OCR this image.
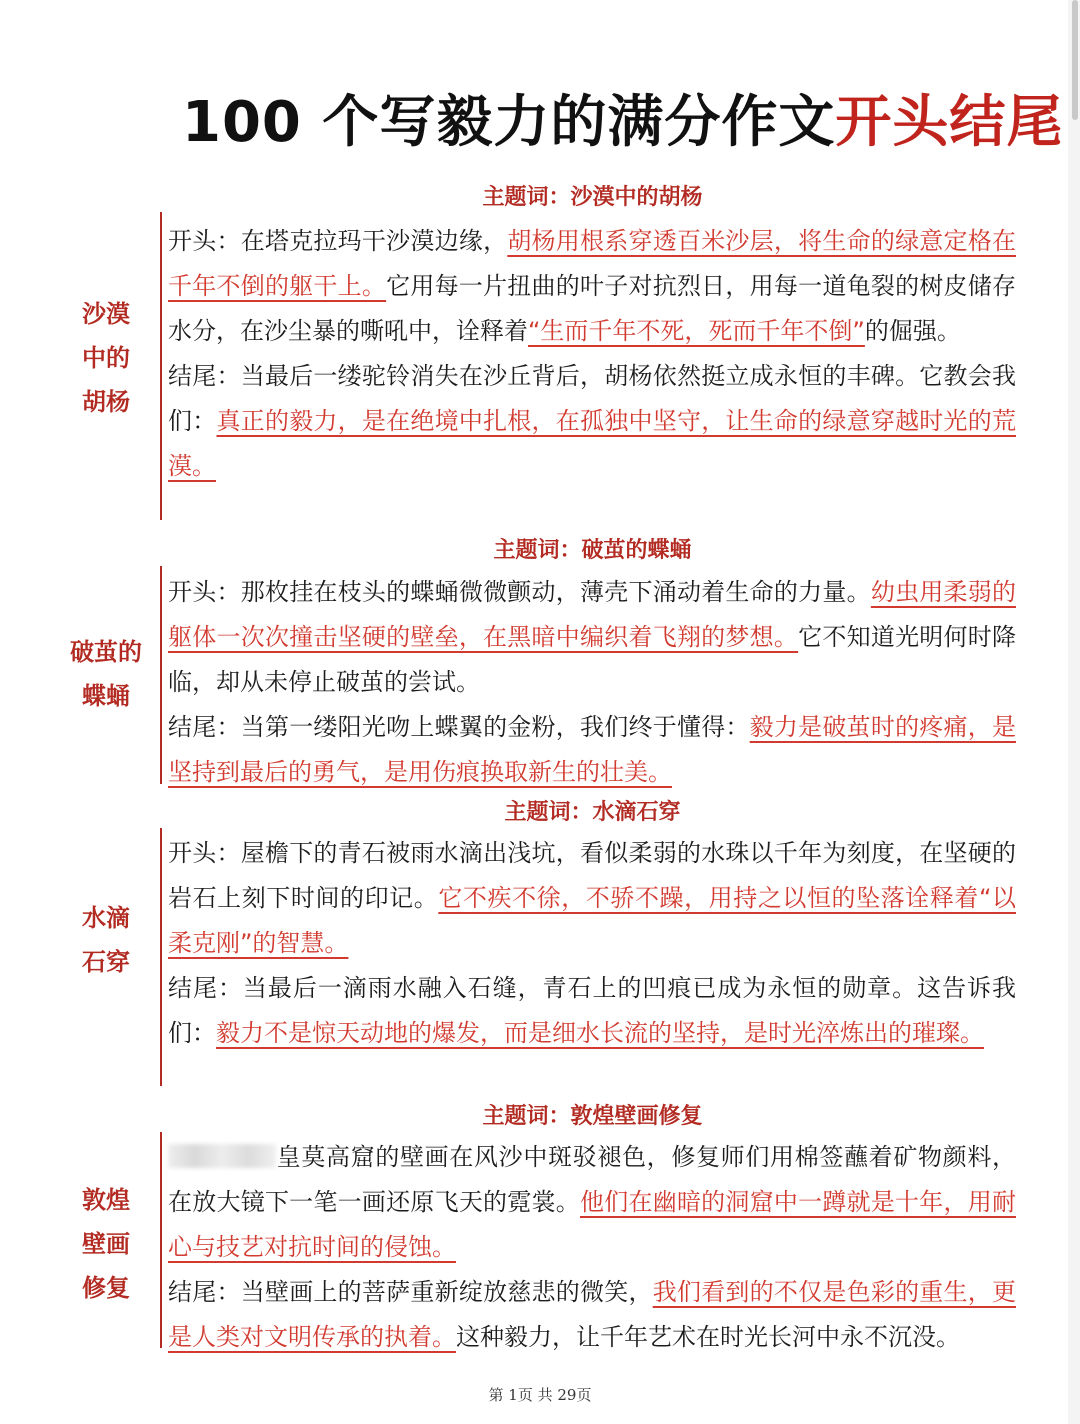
100 个写毅力的满分作文开头结尾
主题词：沙漠中的胡杨
沙漠
中的
胡杨

开头：在塔克拉玛干沙漠边缘，胡杨用根系穿透百米沙层，将生命的绿意定格在千年不倒的躯干上。它用每一片扭曲的叶子对抗烈日，用每一道龟裂的树皮储存水分，在沙尘暴的嘶吼中，诠释着“生而千年不死，死而千年不倒”的倔强。

结尾：当最后一缕驼铃消失在沙丘背后，胡杨依然挺立成永恒的丰碑。它教会我们：真正的毅力，是在绝境中扎根，在孤独中坚守，让生命的绿意穿越时光的荒漠。

主题词：破茧的蝶蛹
破茧的
蝶蛹

开头：那枚挂在枝头的蝶蛹微微颤动，薄壳下涌动着生命的力量。幼虫用柔弱的躯体一次次撞击坚硬的壁垒，在黑暗中编织着飞翔的梦想。它不知道光明何时降临，却从未停止破茧的尝试。

结尾：当第一缕阳光吻上蝶翼的金粉，我们终于懂得：毅力是破茧时的疼痛，是坚持到最后的勇气，是用伤痕换取新生的壮美。

主题词：水滴石穿
水滴
石穿

开头：屋檐下的青石被雨水滴出浅坑，看似柔弱的水珠以千年为刻度，在坚硬的岩石上刻下时间的印记。它不疾不徐，不骄不躁，用持之以恒的坠落诠释着“以柔克刚”的智慧。

结尾：当最后一滴雨水融入石缝，青石上的凹痕已成为永恒的勋章。这告诉我们：毅力不是惊天动地的爆发，而是细水长流的坚持，是时光淬炼出的璀璨。

主题词：敦煌壁画修复
敦煌
壁画
修复

皇莫高窟的壁画在风沙中斑驳褪色，修复师们用棉签蘸着矿物颜料，在放大镜下一笔一画还原飞天的霓裳。他们在幽暗的洞窟中一蹲就是十年，用耐心与技艺对抗时间的侵蚀。

结尾：当壁画上的菩萨重新绽放慈悲的微笑，我们看到的不仅是色彩的重生，更是人类对文明传承的执着。这种毅力，让千年艺术在时光长河中永不沉没。

第 1页 共 29页
